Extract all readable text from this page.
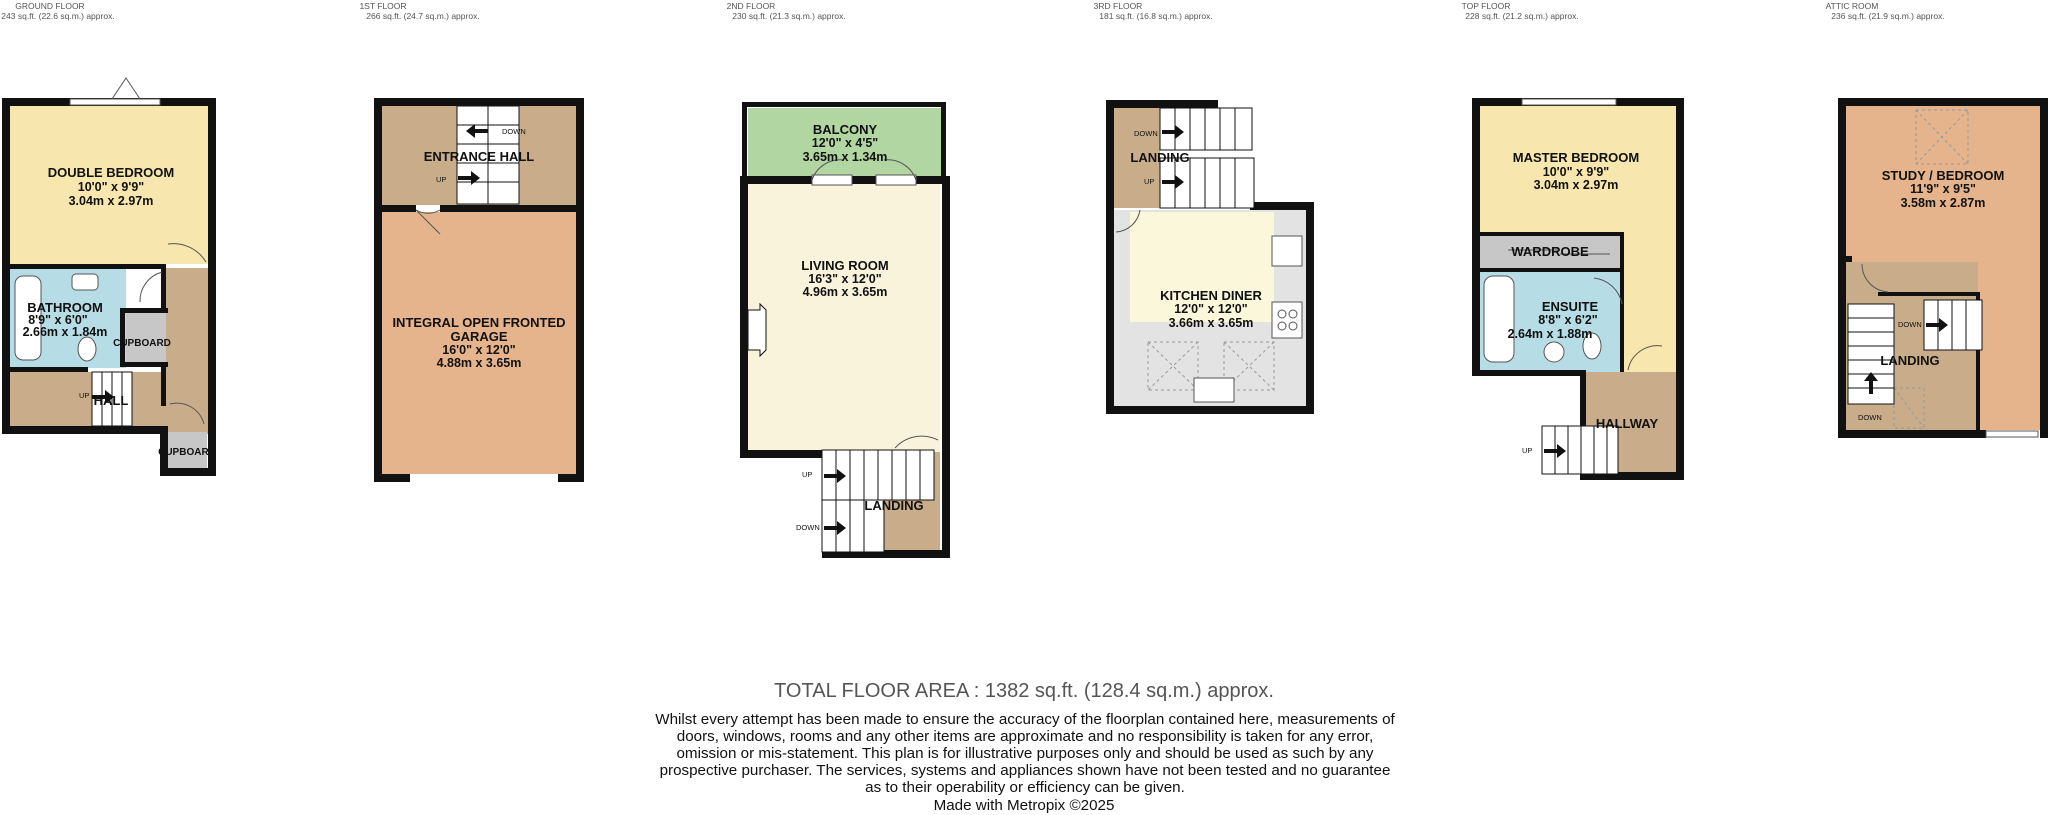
GROUND FLOOR
243 sq.ft. (22.6 sq.m.) approx.
1ST FLOOR
266 sq.ft. (24.7 sq.m.) approx.
2ND FLOOR
230 sq.ft. (21.3 sq.m.) approx.
3RD FLOOR
181 sq.ft. (16.8 sq.m.) approx.
TOP FLOOR
228 sq.ft. (21.2 sq.m.) approx.
ATTIC ROOM
236 sq.ft. (21.9 sq.m.) approx.
UP
DOUBLE BEDROOM
10'0" x 9'9"
3.04m x 2.97m
BATHROOM
8'9" x 6'0"
2.66m x 1.84m
CUPBOARD
CUPBOARD
HALL
DOWN
UP
ENTRANCE HALL
INTEGRAL OPEN FRONTED
GARAGE
16'0" x 12'0"
4.88m x 3.65m
UP
DOWN
BALCONY
12'0" x 4'5"
3.65m x 1.34m
LIVING ROOM
16'3" x 12'0"
4.96m x 3.65m
LANDING
DOWN
UP
LANDING
KITCHEN DINER
12'0" x 12'0"
3.66m x 3.65m
UP
MASTER BEDROOM
10'0" x 9'9"
3.04m x 2.97m
WARDROBE
ENSUITE
8'8" x 6'2"
2.64m x 1.88m
HALLWAY
DOWN
DOWN
STUDY / BEDROOM
11'9" x 9'5"
3.58m x 2.87m
LANDING
TOTAL FLOOR AREA : 1382 sq.ft. (128.4 sq.m.) approx.
Whilst every attempt has been made to ensure the accuracy of the floorplan contained here, measurements of doors, windows, rooms and any other items are approximate and no responsibility is taken for any error, omission or mis-statement. This plan is for illustrative purposes only and should be used as such by any prospective purchaser. The services, systems and appliances shown have not been tested and no guarantee as to their operability or efficiency can be given.
Made with Metropix ©2025
